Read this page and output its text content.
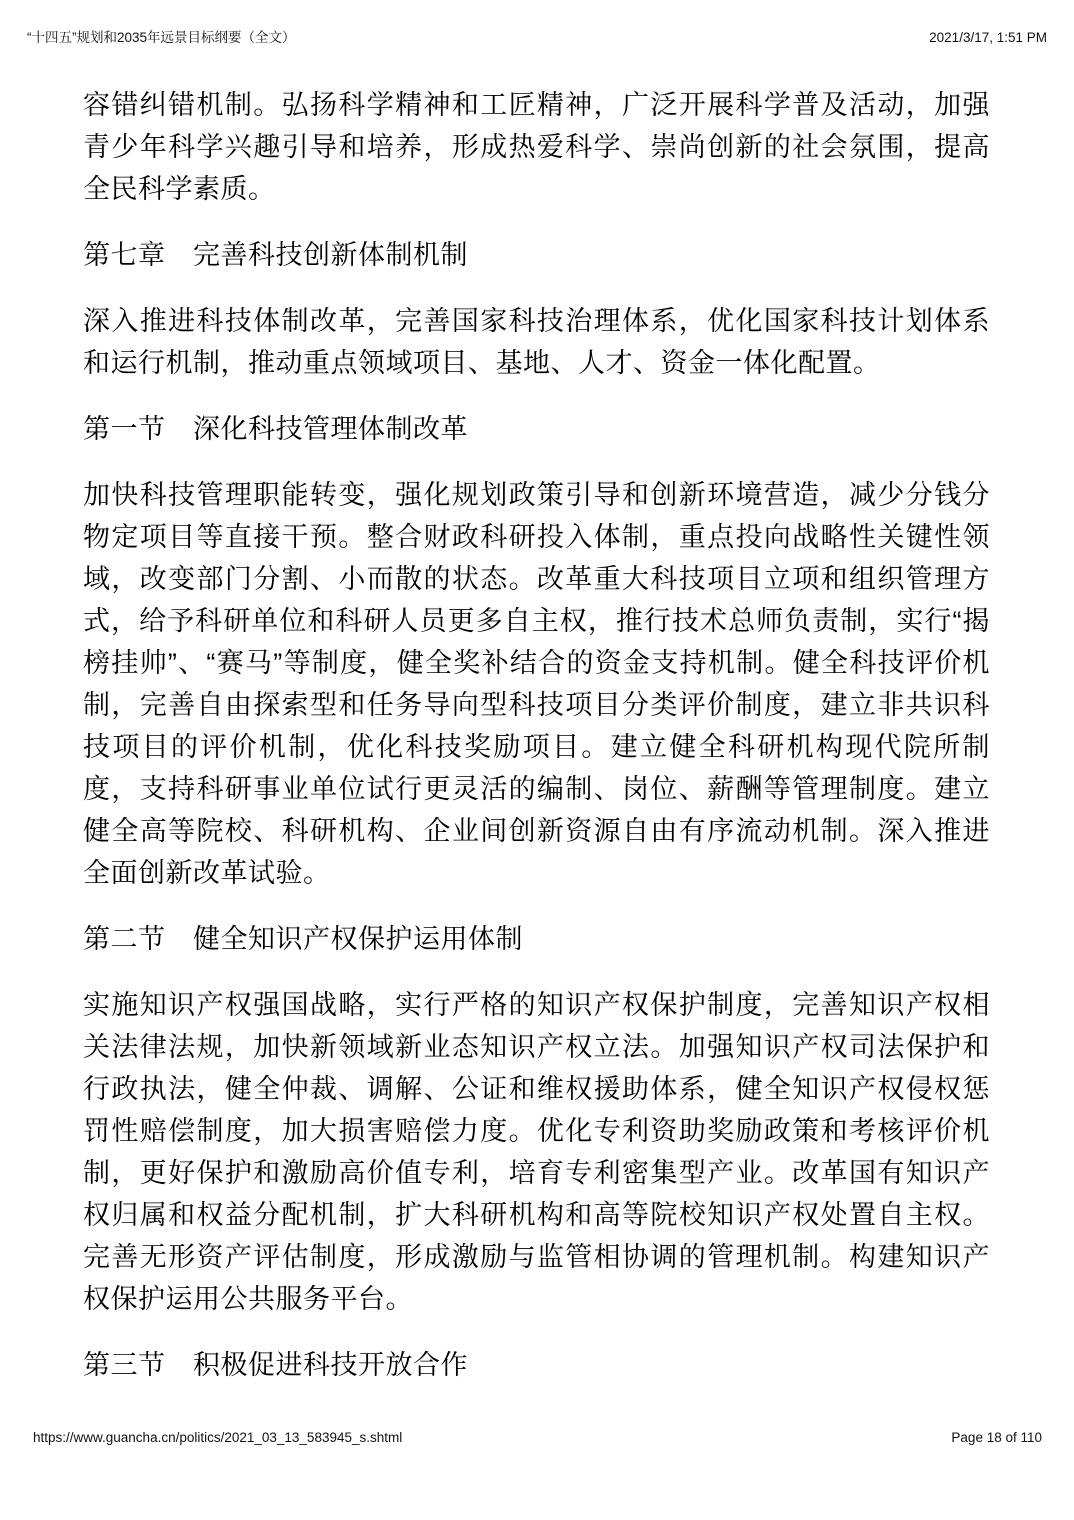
“十四五”规划和2035年远景目标纲要（全文）	2021/3/17, 1:51 PM
容错纠错机制。弘扬科学精神和工匠精神，广泛开展科学普及活动，加强青少年科学兴趣引导和培养，形成热爱科学、崇尚创新的社会氛围，提高全民科学素质。
第七章　完善科技创新体制机制
深入推进科技体制改革，完善国家科技治理体系，优化国家科技计划体系和运行机制，推动重点领域项目、基地、人才、资金一体化配置。
第一节　深化科技管理体制改革
加快科技管理职能转变，强化规划政策引导和创新环境营造，减少分钱分物定项目等直接干预。整合财政科研投入体制，重点投向战略性关键性领域，改变部门分割、小而散的状态。改革重大科技项目立项和组织管理方式，给予科研单位和科研人员更多自主权，推行技术总师负责制，实行“揭榜挂帅”、“赛马”等制度，健全奖补结合的资金支持机制。健全科技评价机制，完善自由探索型和任务导向型科技项目分类评价制度，建立非共识科技项目的评价机制，优化科技奖励项目。建立健全科研机构现代院所制度，支持科研事业单位试行更灵活的编制、岗位、薪酬等管理制度。建立健全高等院校、科研机构、企业间创新资源自由有序流动机制。深入推进全面创新改革试验。
第二节　健全知识产权保护运用体制
实施知识产权强国战略，实行严格的知识产权保护制度，完善知识产权相关法律法规，加快新领域新业态知识产权立法。加强知识产权司法保护和行政执法，健全仲裁、调解、公证和维权援助体系，健全知识产权侵权惩罚性赔偿制度，加大损害赔偿力度。优化专利资助奖励政策和考核评价机制，更好保护和激励高价值专利，培育专利密集型产业。改革国有知识产权归属和权益分配机制，扩大科研机构和高等院校知识产权处置自主权。完善无形资产评估制度，形成激励与监管相协调的管理机制。构建知识产权保护运用公共服务平台。
第三节　积极促进科技开放合作
https://www.guancha.cn/politics/2021_03_13_583945_s.shtml	Page 18 of 110
